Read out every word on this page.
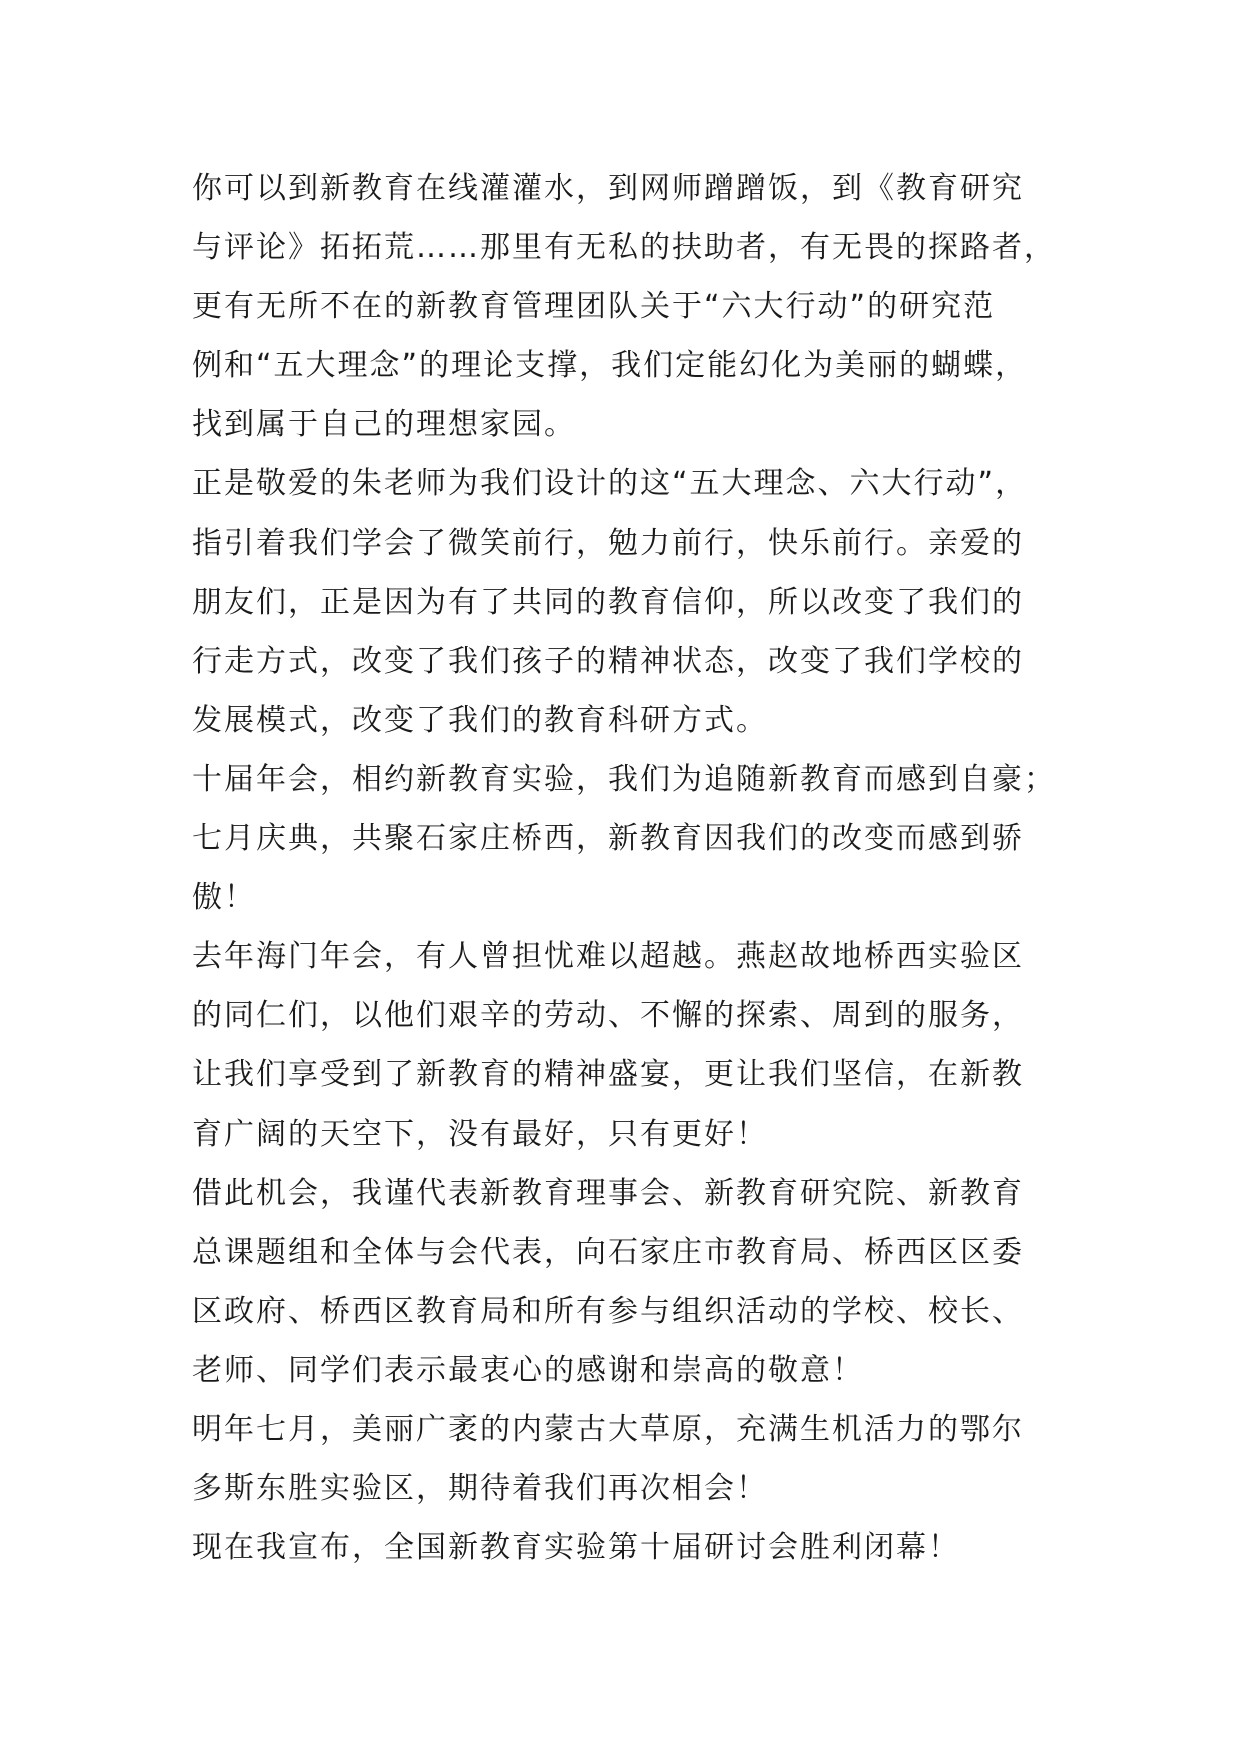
你可以到新教育在线灌灌水，到网师蹭蹭饭，到《教育研究
与评论》拓拓荒……那里有无私的扶助者，有无畏的探路者，
更有无所不在的新教育管理团队关于“六大行动”的研究范
例和“五大理念”的理论支撑，我们定能幻化为美丽的蝴蝶，
找到属于自己的理想家园。
正是敬爱的朱老师为我们设计的这“五大理念、六大行动”，
指引着我们学会了微笑前行，勉力前行，快乐前行。亲爱的
朋友们，正是因为有了共同的教育信仰，所以改变了我们的
行走方式，改变了我们孩子的精神状态，改变了我们学校的
发展模式，改变了我们的教育科研方式。
十届年会，相约新教育实验，我们为追随新教育而感到自豪；
七月庆典，共聚石家庄桥西，新教育因我们的改变而感到骄
傲！
去年海门年会，有人曾担忧难以超越。燕赵故地桥西实验区
的同仁们，以他们艰辛的劳动、不懈的探索、周到的服务，
让我们享受到了新教育的精神盛宴，更让我们坚信，在新教
育广阔的天空下，没有最好，只有更好！
借此机会，我谨代表新教育理事会、新教育研究院、新教育
总课题组和全体与会代表，向石家庄市教育局、桥西区区委
区政府、桥西区教育局和所有参与组织活动的学校、校长、
老师、同学们表示最衷心的感谢和崇高的敬意！
明年七月，美丽广袤的内蒙古大草原，充满生机活力的鄂尔
多斯东胜实验区，期待着我们再次相会！
现在我宣布，全国新教育实验第十届研讨会胜利闭幕！
